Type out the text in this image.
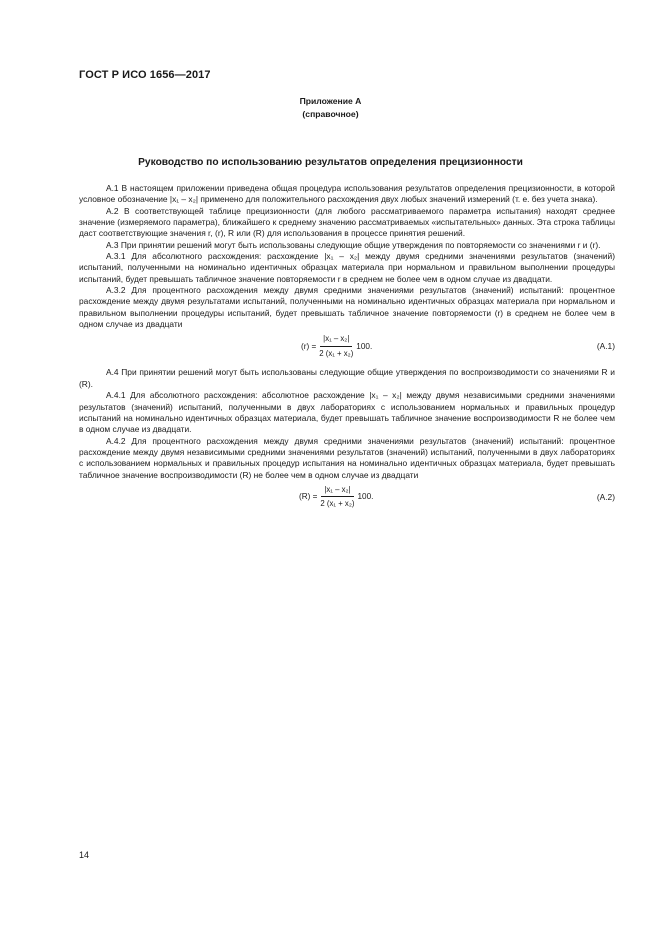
ГОСТ Р ИСО 1656—2017
Приложение А
(справочное)
Руководство по использованию результатов определения прецизионности

А.1 В настоящем приложении приведена общая процедура использования результатов определения прецизионности, в которой условное обозначение |x₁ – x₂| применено для положительного расхождения двух любых значений измерений (т. е. без учета знака).

А.2 В соответствующей таблице прецизионности (для любого рассматриваемого параметра испытания) находят среднее значение (измеряемого параметра), ближайшего к среднему значению рассматриваемых «испытательных» данных. Эта строка таблицы даст соответствующие значения r, (r), R или (R) для использования в процессе принятия решений.

А.3 При принятии решений могут быть использованы следующие общие утверждения по повторяемости со значениями r и (r).

А.3.1 Для абсолютного расхождения: расхождение |x₁ – x₂| между двумя средними значениями результатов (значений) испытаний, полученными на номинально идентичных образцах материала при нормальном и правильном выполнении процедуры испытаний, будет превышать табличное значение повторяемости r в среднем не более чем в одном случае из двадцати.

А.3.2 Для процентного расхождения между двумя средними значениями результатов (значений) испытаний: процентное расхождение между двумя результатами испытаний, полученными на номинально идентичных образцах материала при нормальном и правильном выполнении процедуры испытаний, будет превышать табличное значение повторяемости (r) в среднем не более чем в одном случае из двадцати

$(r) = \frac{\text{|x₁ – x₂|}}{\text{2 (x₁ + x₂)}} 100$.	(А.1)

А.4 При принятии решений могут быть использованы следующие общие утверждения по воспроизводимости со значениями R и (R).

А.4.1 Для абсолютного расхождения: абсолютное расхождение |x₁ – x₂| между двумя независимыми средними значениями результатов (значений) испытаний, полученными в двух лабораториях с использованием нормальных и правильных процедур испытаний на номинально идентичных образцах материала, будет превышать табличное значение воспроизводимости R не более чем в одном случае из двадцати.

А.4.2 Для процентного расхождения между двумя средними значениями результатов (значений) испытаний: процентное расхождение между двумя независимыми средними значениями результатов (значений) испытаний, полученными в двух лабораториях с использованием нормальных и правильных процедур испытания на номинально идентичных образцах материала, будет превышать табличное значение воспроизводимости (R) не более чем в одном случае из двадцати

$(R) = \frac{\text{|x₁ – x₂|}}{\text{2 (x₁ + x₂)}} 100$.	(А.2)
14
